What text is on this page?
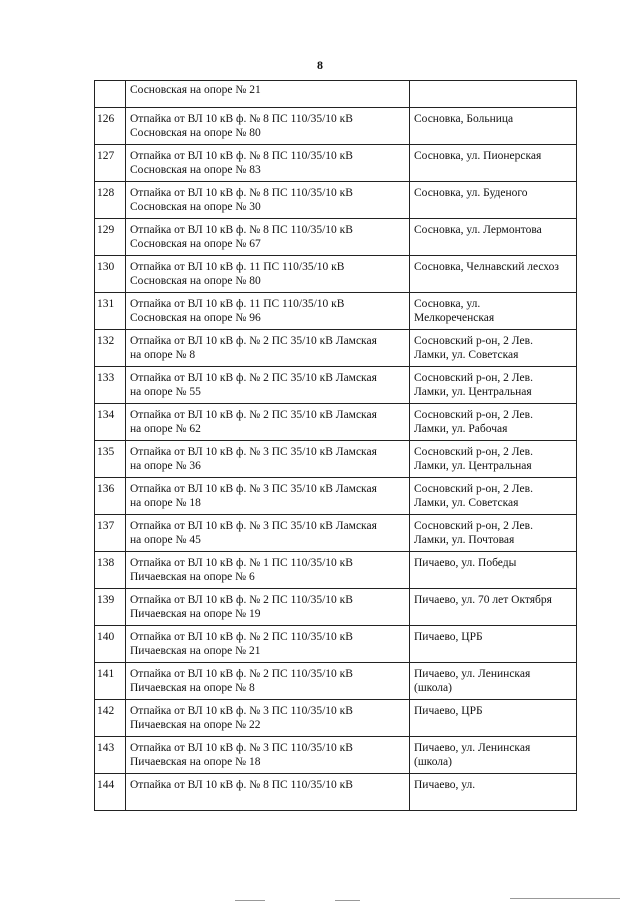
8

	Сосновская на опоре № 21	

126	Отпайка от ВЛ 10 кВ ф. № 8 ПС 110/35/10 кВ
Сосновская на опоре № 80	Сосновка, Больница

127	Отпайка от ВЛ 10 кВ ф. № 8 ПС 110/35/10 кВ
Сосновская на опоре № 83	Сосновка, ул. Пионерская

128	Отпайка от ВЛ 10 кВ ф. № 8 ПС 110/35/10 кВ
Сосновская на опоре № 30	Сосновка, ул. Буденого

129	Отпайка от ВЛ 10 кВ ф. № 8 ПС 110/35/10 кВ
Сосновская на опоре № 67	Сосновка, ул. Лермонтова

130	Отпайка от ВЛ 10 кВ ф. 11 ПС 110/35/10 кВ
Сосновская на опоре № 80	Сосновка, Челнавский лесхоз

131	Отпайка от ВЛ 10 кВ ф. 11 ПС 110/35/10 кВ
Сосновская на опоре № 96	Сосновка, ул.
Мелкореченская

132	Отпайка от ВЛ 10 кВ ф. № 2 ПС 35/10 кВ Ламская
на опоре № 8	Сосновский р-он, 2 Лев.
Ламки, ул. Советская

133	Отпайка от ВЛ 10 кВ ф. № 2 ПС 35/10 кВ Ламская
на опоре № 55	Сосновский р-он, 2 Лев.
Ламки, ул. Центральная

134	Отпайка от ВЛ 10 кВ ф. № 2 ПС 35/10 кВ Ламская
на опоре № 62	Сосновский р-он, 2 Лев.
Ламки, ул. Рабочая

135	Отпайка от ВЛ 10 кВ ф. № 3 ПС 35/10 кВ Ламская
на опоре № 36	Сосновский р-он, 2 Лев.
Ламки, ул. Центральная

136	Отпайка от ВЛ 10 кВ ф. № 3 ПС 35/10 кВ Ламская
на опоре № 18	Сосновский р-он, 2 Лев.
Ламки, ул. Советская

137	Отпайка от ВЛ 10 кВ ф. № 3 ПС 35/10 кВ Ламская
на опоре № 45	Сосновский р-он, 2 Лев.
Ламки, ул. Почтовая

138	Отпайка от ВЛ 10 кВ ф. № 1 ПС 110/35/10 кВ
Пичаевская на опоре № 6	Пичаево, ул. Победы

139	Отпайка от ВЛ 10 кВ ф. № 2 ПС 110/35/10 кВ
Пичаевская на опоре № 19	Пичаево, ул. 70 лет Октября

140	Отпайка от ВЛ 10 кВ ф. № 2 ПС 110/35/10 кВ
Пичаевская на опоре № 21	Пичаево, ЦРБ

141	Отпайка от ВЛ 10 кВ ф. № 2 ПС 110/35/10 кВ
Пичаевская на опоре № 8	Пичаево, ул. Ленинская
(школа)

142	Отпайка от ВЛ 10 кВ ф. № 3 ПС 110/35/10 кВ
Пичаевская на опоре № 22	Пичаево, ЦРБ

143	Отпайка от ВЛ 10 кВ ф. № 3 ПС 110/35/10 кВ
Пичаевская на опоре № 18	Пичаево, ул. Ленинская
(школа)

144	Отпайка от ВЛ 10 кВ ф. № 8 ПС 110/35/10 кВ	Пичаево, ул.
